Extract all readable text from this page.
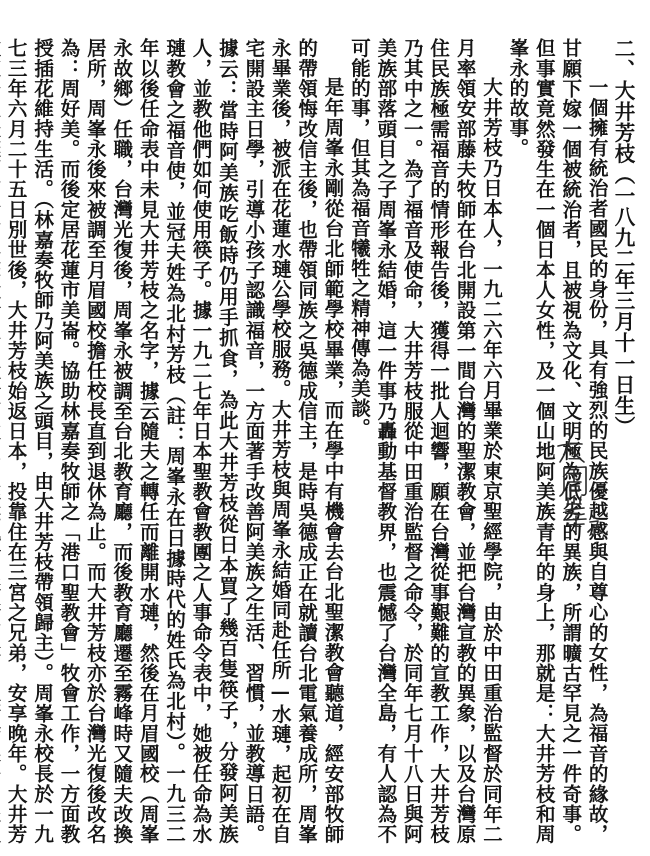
二、大井芳枝（一八九二年三月十一日生）

一個擁有統治者國民的身份，具有強烈的民族優越感與自尊心的女性，為福音的緣故，甘願下嫁一個被統治者，且被視為文化、文明極為低劣的異族，所謂曠古罕見之一件奇事。但事實竟然發生在一個日本人女性，及一個山地阿美族青年的身上，那就是：大井芳枝和周峯永的故事。

大井芳枝乃日本人，一九二六年六月畢業於東京聖經學院，由於中田重治監督於同年二月率領安部藤夫牧師在台北開設第一間台灣的聖潔教會，並把台灣宣教的異象，以及台灣原住民族極需福音的情形報告後，獲得一批人迴響，願在台灣從事艱難的宣教工作，大井芳枝乃其中之一。為了福音及使命，大井芳枝服從中田重治監督之命令，於同年七月十八日與阿美族部落頭目之子周峯永結婚，這一件事乃轟動基督教界，也震憾了台灣全島，有人認為不可能的事，但其為福音犧牲之精神傳為美談。

是年周峯永剛從台北師範學校畢業，而在學中有機會去台北聖潔教會聽道，經安部牧師的帶領悔改信主後，也帶領同族之吳德成信主，是時吳德成正在就讀台北電氣養成所，周峯永畢業後，被派在花蓮水璉公學校服務。大井芳枝與周峯永結婚同赴任所—水璉，起初在自宅開設主日學，引導小孩子認識福音，一方面著手改善阿美族之生活、習慣，並教導日語。據云：當時阿美族吃飯時仍用手抓食，為此大井芳枝從日本買了幾百隻筷子，分發阿美族人，並教他們如何使用筷子。據一九二七年日本聖教會教團之人事命令表中，她被任命為水璉教會之福音使，並冠夫姓為北村芳枝（註：周峯永在日據時代的姓氏為北村）。一九三二年以後任命表中未見大井芳枝之名字，據云隨夫之轉任而離開水璉，然後在月眉國校（周峯永故鄉）任職，台灣光復後，周峯永被調至台北教育廳，而後教育廳遷至霧峰時又隨夫改換居所，周峯永後來被調至月眉國校擔任校長直到退休為止。而大井芳枝亦於台灣光復後改名為：周好美。而後定居花蓮市美崙。協助林嘉奏牧師之「港口聖教會」牧會工作，一方面教授插花維持生活。（林嘉奏牧師乃阿美族之頭目，由大井芳枝帶領歸主）。周峯永校長於一九七三年六月二十五日別世後，大井芳枝始返日本，投靠住在三宮之兄弟，安享晚年。大井芳
